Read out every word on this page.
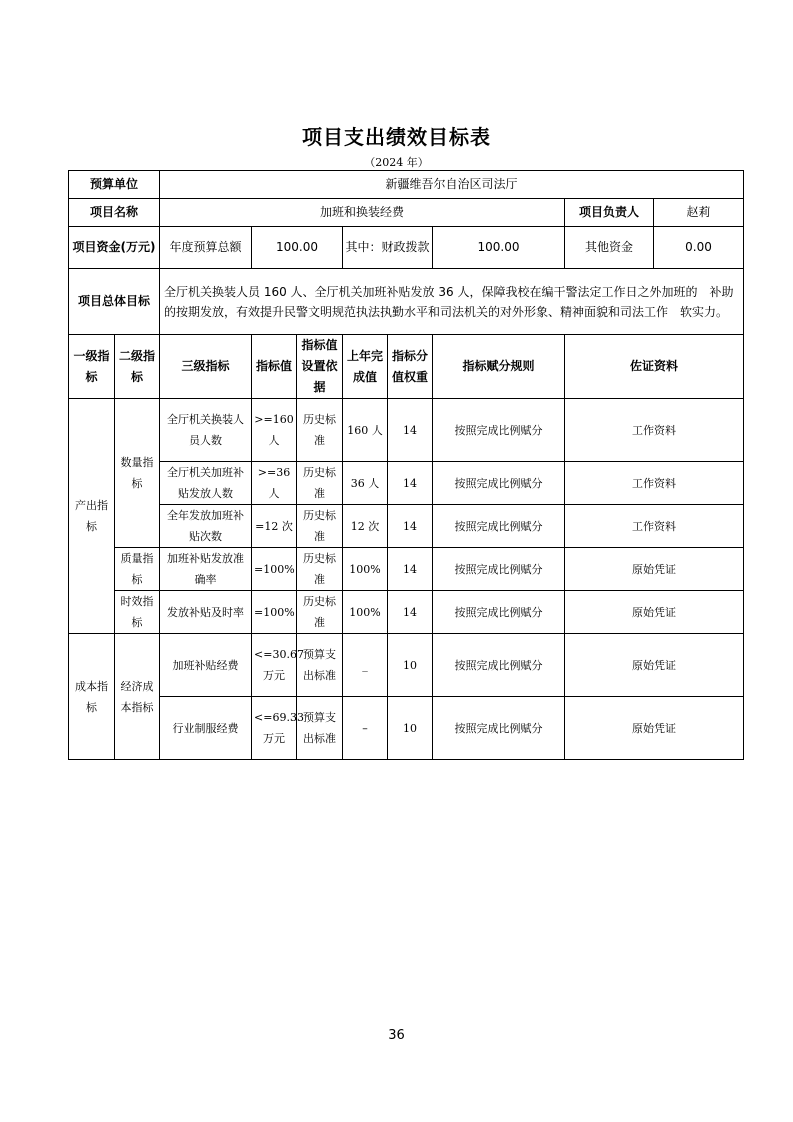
项目支出绩效目标表
（2024 年）
预算单位		新疆维吾尔自治区司法厅							
项目名称		加班和换装经费						项目负责人	赵莉
项目资金(万元)		年度预算总额	100.00		其中：财政拨款		100.00	其他资金	0.00
项目总体目标		全厅机关换装人员 160 人、全厅机关加班补贴发放 36 人，保障我校在编干警法定工作日之外加班的　补助的按期发放，有效提升民警文明规范执法执勤水平和司法机关的对外形象、精神面貌和司法工作　软实力。							
一级指标	二级指标	三级指标	指标值	指标值设置依据	上年完成值	指标分值权重	指标赋分规则	佐证资料	
产出指标	数量指标	全厅机关换装人员人数	>=160人	历史标准	160 人	14	按照完成比例赋分	工作资料	
		全厅机关加班补贴发放人数	>=36人	历史标准	36 人	14	按照完成比例赋分	工作资料	
		全年发放加班补贴次数	=12 次	历史标准	12 次	14	按照完成比例赋分	工作资料	
	质量指标	加班补贴发放准确率	=100%	历史标准	100%	14	按照完成比例赋分	原始凭证	
	时效指标	发放补贴及时率	=100%	历史标准	100%	14	按照完成比例赋分	原始凭证	
成本指标	经济成本指标	加班补贴经费	<=30.67万元	预算支出标准	_	10	按照完成比例赋分	原始凭证	
		行业制服经费	<=69.33万元	预算支出标准	–	10	按照完成比例赋分	原始凭证	
36
